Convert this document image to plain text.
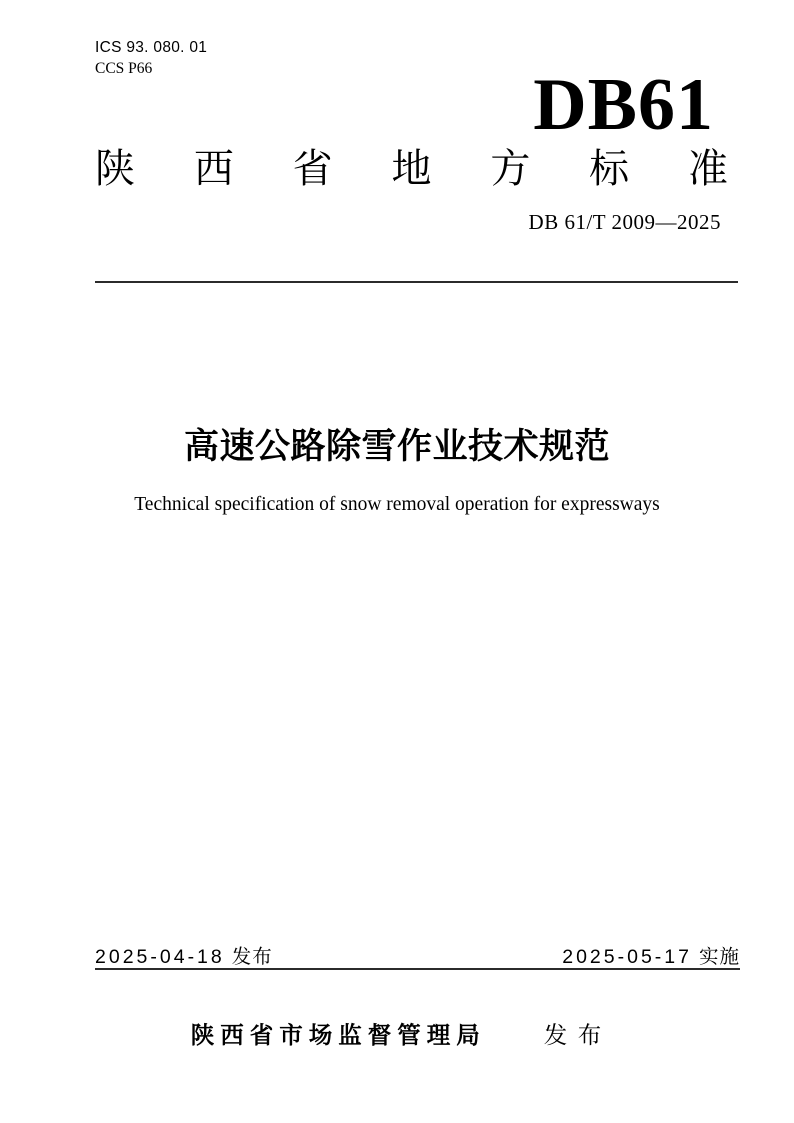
ICS 93. 080. 01
CCS P66	DB61
陕 西 省 地 方 标 准
DB 61/T 2009—2025
高速公路除雪作业技术规范
Technical specification of snow removal operation for expressways
2025-04-18 发布	2025-05-17 实施
陕西省市场监督管理局 发 布
